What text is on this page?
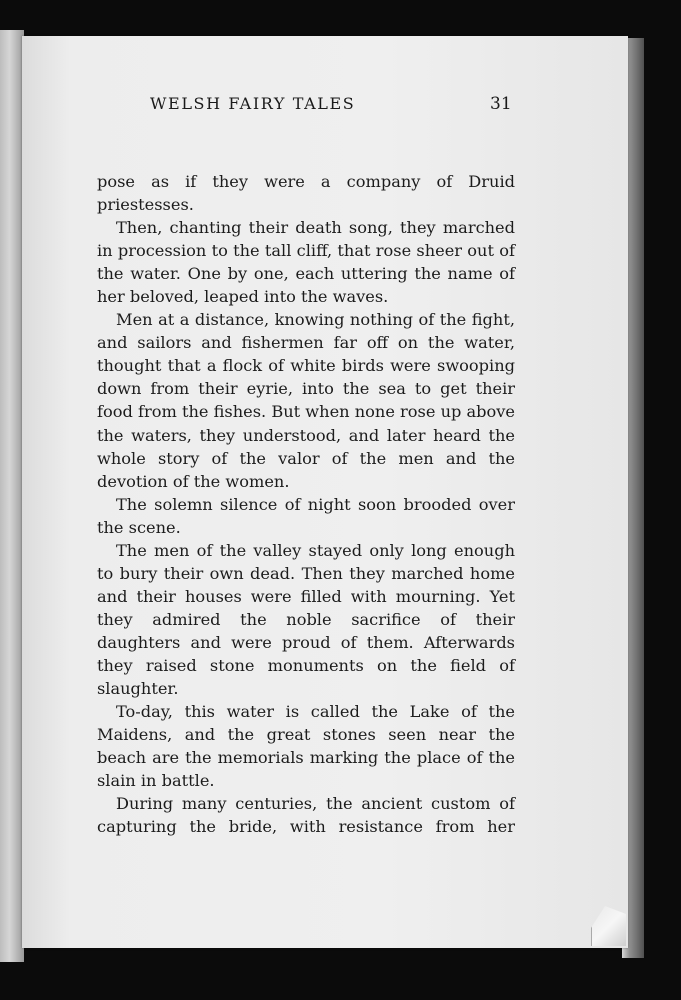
WELSH FAIRY TALES	31

pose as if they were a company of Druid priestesses.

Then, chanting their death song, they marched in procession to the tall cliff, that rose sheer out of the water. One by one, each uttering the name of her beloved, leaped into the waves.

Men at a distance, knowing nothing of the fight, and sailors and fishermen far off on the water, thought that a flock of white birds were swooping down from their eyrie, into the sea to get their food from the fishes. But when none rose up above the waters, they understood, and later heard the whole story of the valor of the men and the devotion of the women.

The solemn silence of night soon brooded over the scene.

The men of the valley stayed only long enough to bury their own dead. Then they marched home and their houses were filled with mourning. Yet they admired the noble sacrifice of their daughters and were proud of them. Afterwards they raised stone monuments on the field of slaughter.

To-day, this water is called the Lake of the Maidens, and the great stones seen near the beach are the memorials marking the place of the slain in battle.

During many centuries, the ancient custom of capturing the bride, with resistance from her
